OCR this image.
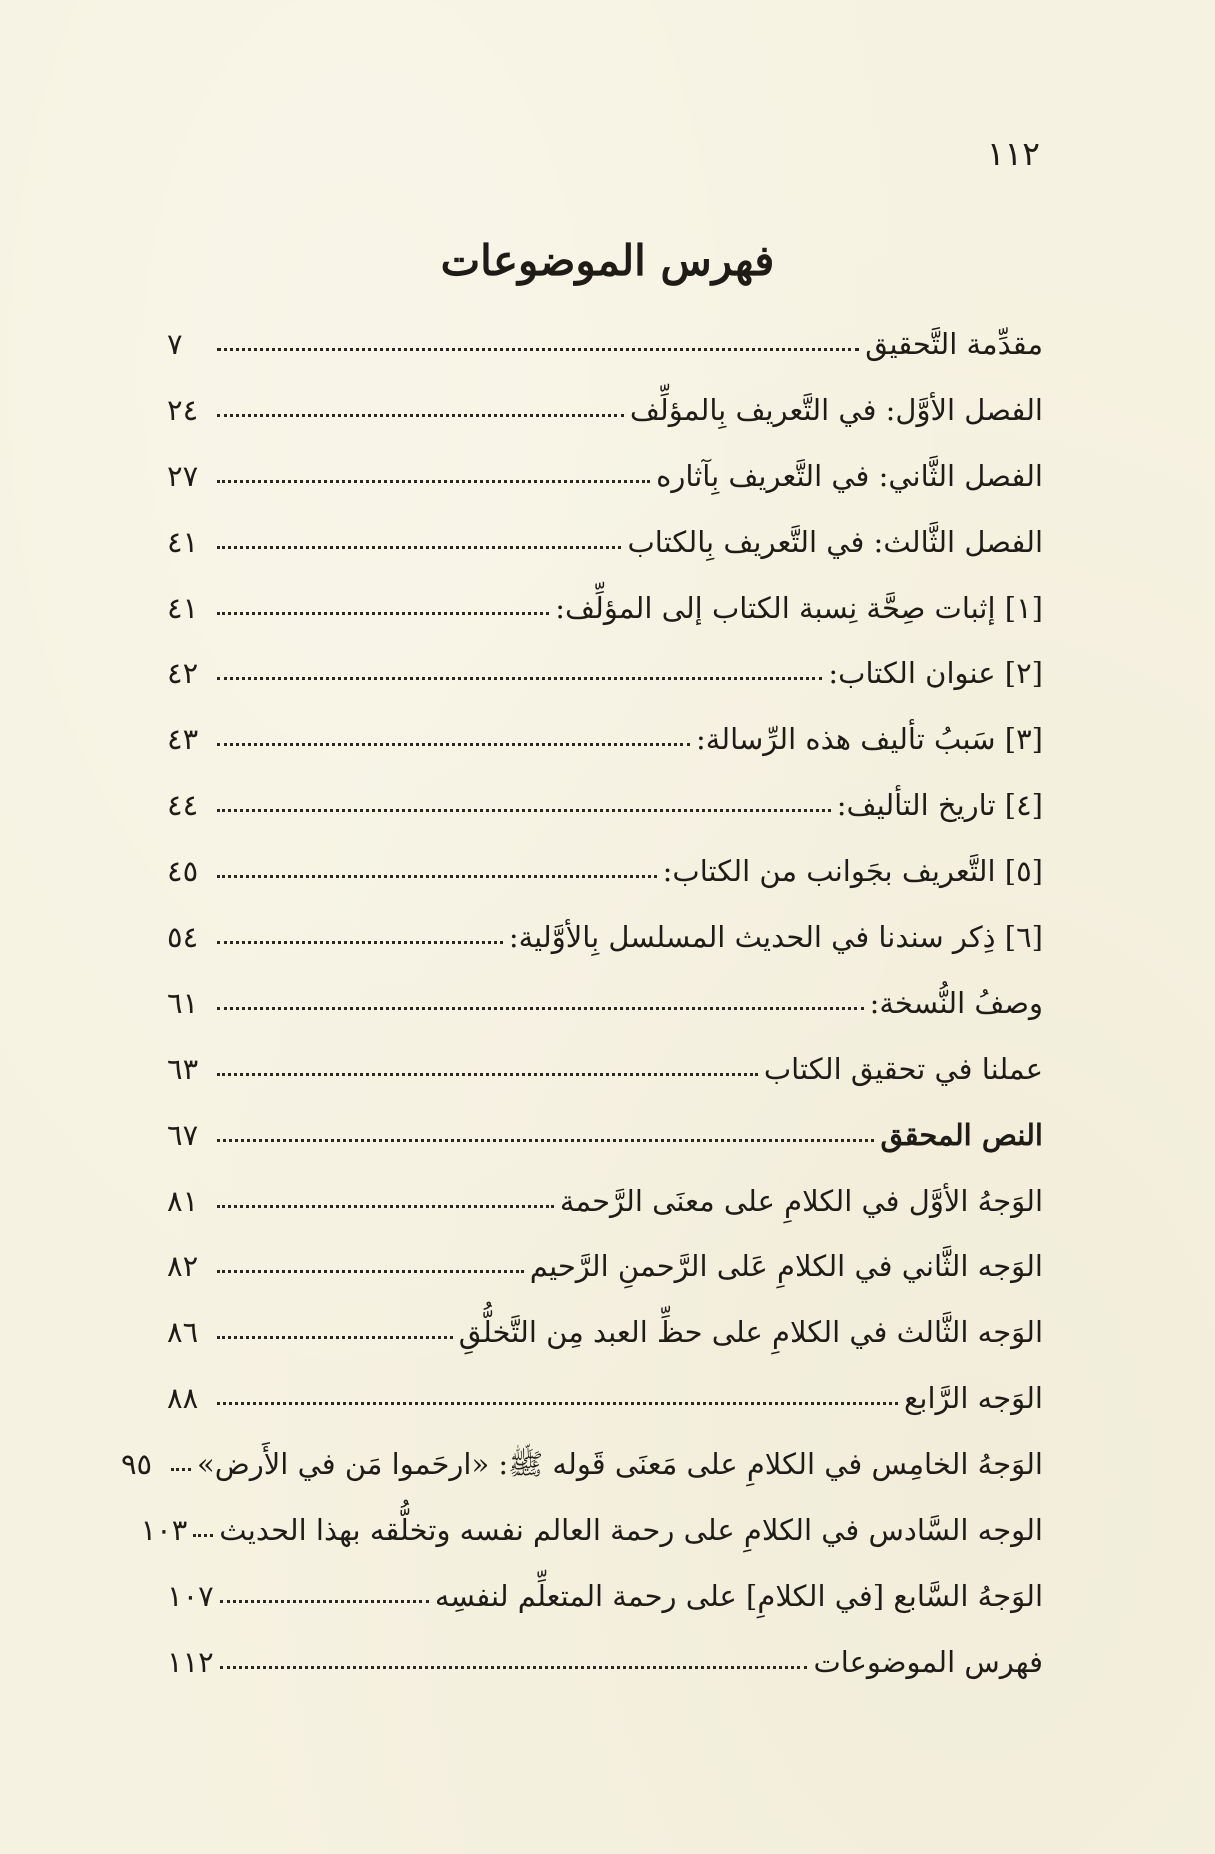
١١٢
فهرس الموضوعات
مقدِّمة التَّحقيق
٧
الفصل الأوَّل: في التَّعريف بِالمؤلِّف
٢٤
الفصل الثَّاني: في التَّعريف بِآثاره
٢٧
الفصل الثَّالث: في التَّعريف بِالكتاب
٤١
[١] إثبات صِحَّة نِسبة الكتاب إلى المؤلِّف:
٤١
[٢] عنوان الكتاب:
٤٢
[٣] سَببُ تأليف هذه الرِّسالة:
٤٣
[٤] تاريخ التأليف:
٤٤
[٥] التَّعريف بجَوانب من الكتاب:
٤٥
[٦] ذِكر سندنا في الحديث المسلسل بِالأوَّلية:
٥٤
وصفُ النُّسخة:
٦١
عملنا في تحقيق الكتاب
٦٣
النص المحقق
٦٧
الوَجهُ الأوَّل في الكلامِ على معنَى الرَّحمة
٨١
الوَجه الثَّاني في الكلامِ عَلى الرَّحمنِ الرَّحيم
٨٢
الوَجه الثَّالث في الكلامِ على حظِّ العبد مِن التَّخلُّقِ
٨٦
الوَجه الرَّابع
٨٨
الوَجهُ الخامِس في الكلامِ على مَعنَى قَوله ﷺ: «ارحَموا مَن في الأَرض»
٩٥
الوجه السَّادس في الكلامِ على رحمة العالم نفسه وتخلُّقه بهذا الحديث
١٠٣
الوَجهُ السَّابع [في الكلامِ] على رحمة المتعلِّم لنفسِه
١٠٧
فهرس الموضوعات
١١٢
